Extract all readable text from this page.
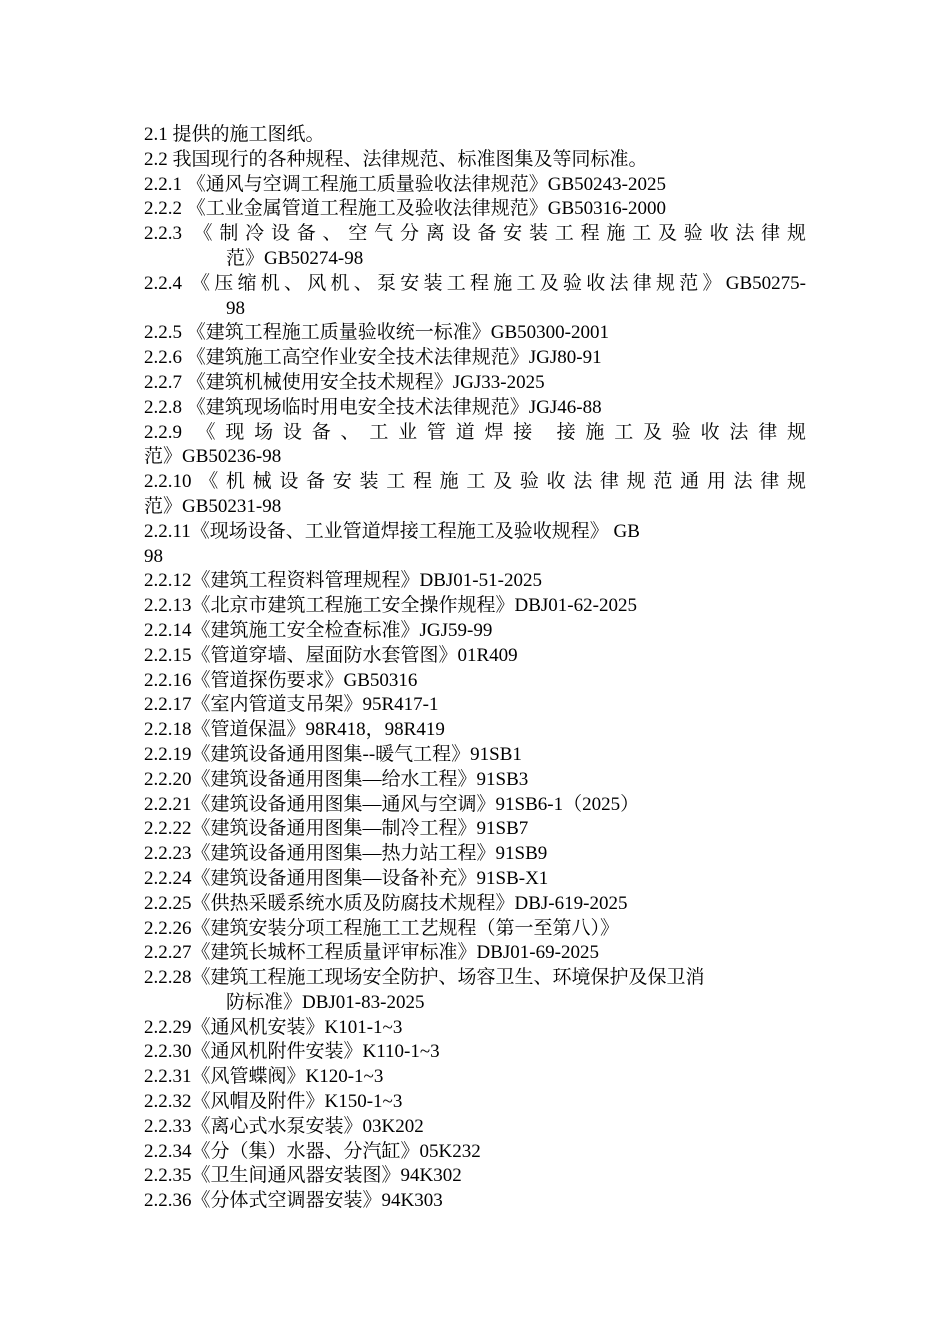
2.1 提供的施工图纸。
2.2 我国现行的各种规程、法律规范、标准图集及等同标准。
2.2.1 《通风与空调工程施工质量验收法律规范》GB50243-2025
2.2.2 《工业金属管道工程施工及验收法律规范》GB50316-2000
2.2.3 《制冷设备、空气分离设备安装工程施工及验收法律规
范》GB50274-98
2.2.4 《压缩机、风机、泵安装工程施工及验收法律规范》GB50275-
98
2.2.5 《建筑工程施工质量验收统一标准》GB50300-2001
2.2.6 《建筑施工高空作业安全技术法律规范》JGJ80-91
2.2.7 《建筑机械使用安全技术规程》JGJ33-2025
2.2.8 《建筑现场临时用电安全技术法律规范》JGJ46-88
2.2.9 《现场设备、工业管道焊接 接施工及验收法律规
范》GB50236-98
2.2.10《机械设备安装工程施工及验收法律规范通用法律规
范》GB50231-98
2.2.11《现场设备、工业管道焊接工程施工及验收规程》 GB
98
2.2.12《建筑工程资料管理规程》DBJ01-51-2025
2.2.13《北京市建筑工程施工安全操作规程》DBJ01-62-2025
2.2.14《建筑施工安全检查标准》JGJ59-99
2.2.15《管道穿墙、屋面防水套管图》01R409
2.2.16《管道探伤要求》GB50316
2.2.17《室内管道支吊架》95R417-1
2.2.18《管道保温》98R418，98R419
2.2.19《建筑设备通用图集--暖气工程》91SB1
2.2.20《建筑设备通用图集—给水工程》91SB3
2.2.21《建筑设备通用图集—通风与空调》91SB6-1（2025）
2.2.22《建筑设备通用图集—制冷工程》91SB7
2.2.23《建筑设备通用图集—热力站工程》91SB9
2.2.24《建筑设备通用图集—设备补充》91SB-X1
2.2.25《供热采暖系统水质及防腐技术规程》DBJ-619-2025
2.2.26《建筑安装分项工程施工工艺规程（第一至第八）》
2.2.27《建筑长城杯工程质量评审标准》DBJ01-69-2025
2.2.28《建筑工程施工现场安全防护、场容卫生、环境保护及保卫消
防标准》DBJ01-83-2025
2.2.29《通风机安装》K101-1~3
2.2.30《通风机附件安装》K110-1~3
2.2.31《风管蝶阀》K120-1~3
2.2.32《风帽及附件》K150-1~3
2.2.33《离心式水泵安装》03K202
2.2.34《分（集）水器、分汽缸》05K232
2.2.35《卫生间通风器安装图》94K302
2.2.36《分体式空调器安装》94K303
